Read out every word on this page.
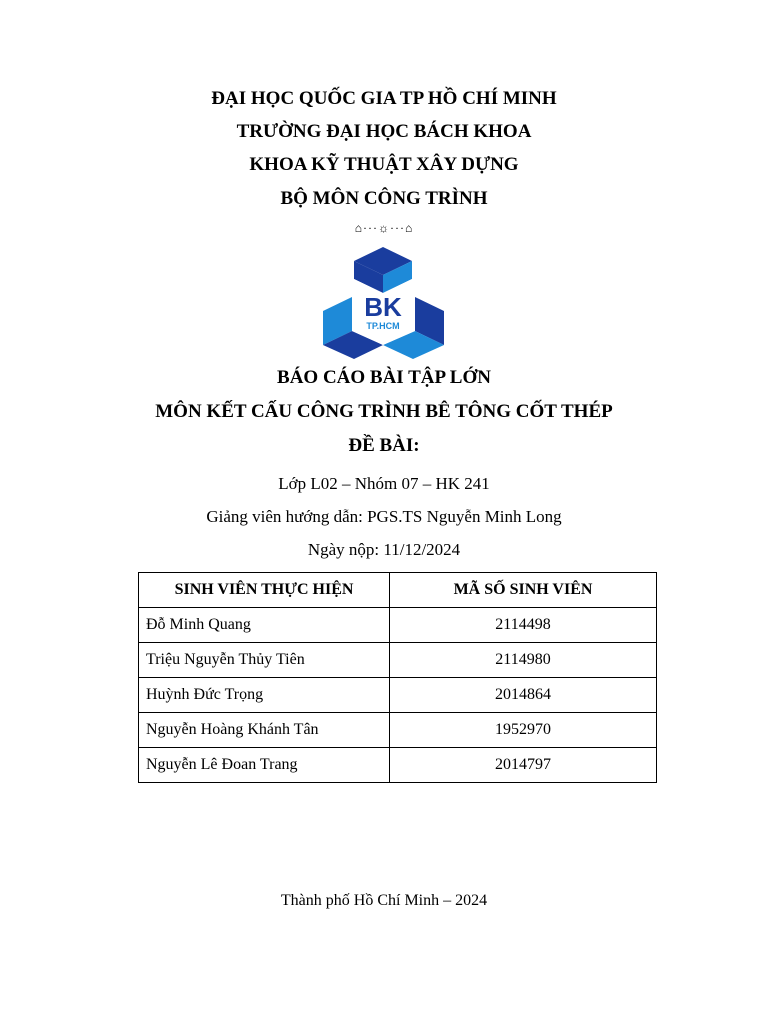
ĐẠI HỌC QUỐC GIA TP HỒ CHÍ MINH

TRƯỜNG ĐẠI HỌC BÁCH KHOA

KHOA KỸ THUẬT XÂY DỰNG

BỘ MÔN CÔNG TRÌNH

⌂···☼···⌂
BK
TP.HCM

BÁO CÁO BÀI TẬP LỚN

MÔN KẾT CẤU CÔNG TRÌNH BÊ TÔNG CỐT THÉP

ĐỀ BÀI:

Lớp L02 – Nhóm 07 – HK 241

Giảng viên hướng dẫn: PGS.TS Nguyễn Minh Long

Ngày nộp: 11/12/2024

SINH VIÊN THỰC HIỆN	MÃ SỐ SINH VIÊN
Đỗ Minh Quang	2114498
Triệu Nguyễn Thủy Tiên	2114980
Huỳnh Đức Trọng	2014864
Nguyễn Hoàng Khánh Tân	1952970
Nguyễn Lê Đoan Trang	2014797
Thành phố Hồ Chí Minh – 2024
